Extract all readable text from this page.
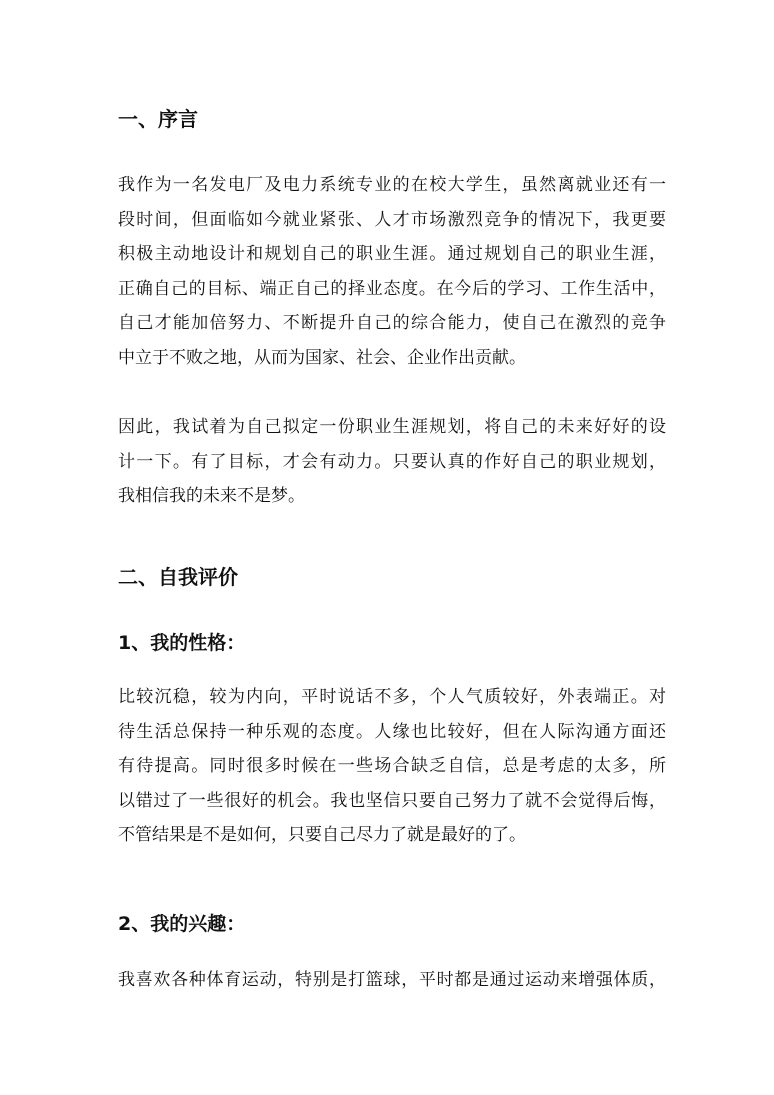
一、序言
我作为一名发电厂及电力系统专业的在校大学生，虽然离就业还有一
段时间，但面临如今就业紧张、人才市场激烈竞争的情况下，我更要
积极主动地设计和规划自己的职业生涯。通过规划自己的职业生涯，
正确自己的目标、端正自己的择业态度。在今后的学习、工作生活中，
自己才能加倍努力、不断提升自己的综合能力，使自己在激烈的竞争
中立于不败之地，从而为国家、社会、企业作出贡献。
因此，我试着为自己拟定一份职业生涯规划，将自己的未来好好的设
计一下。有了目标，才会有动力。只要认真的作好自己的职业规划，
我相信我的未来不是梦。
二、自我评价
1、我的性格：
比较沉稳，较为内向，平时说话不多，个人气质较好，外表端正。对
待生活总保持一种乐观的态度。人缘也比较好，但在人际沟通方面还
有待提高。同时很多时候在一些场合缺乏自信，总是考虑的太多，所
以错过了一些很好的机会。我也坚信只要自己努力了就不会觉得后悔，
不管结果是不是如何，只要自己尽力了就是最好的了。
2、我的兴趣：
我喜欢各种体育运动，特别是打篮球，平时都是通过运动来增强体质，
